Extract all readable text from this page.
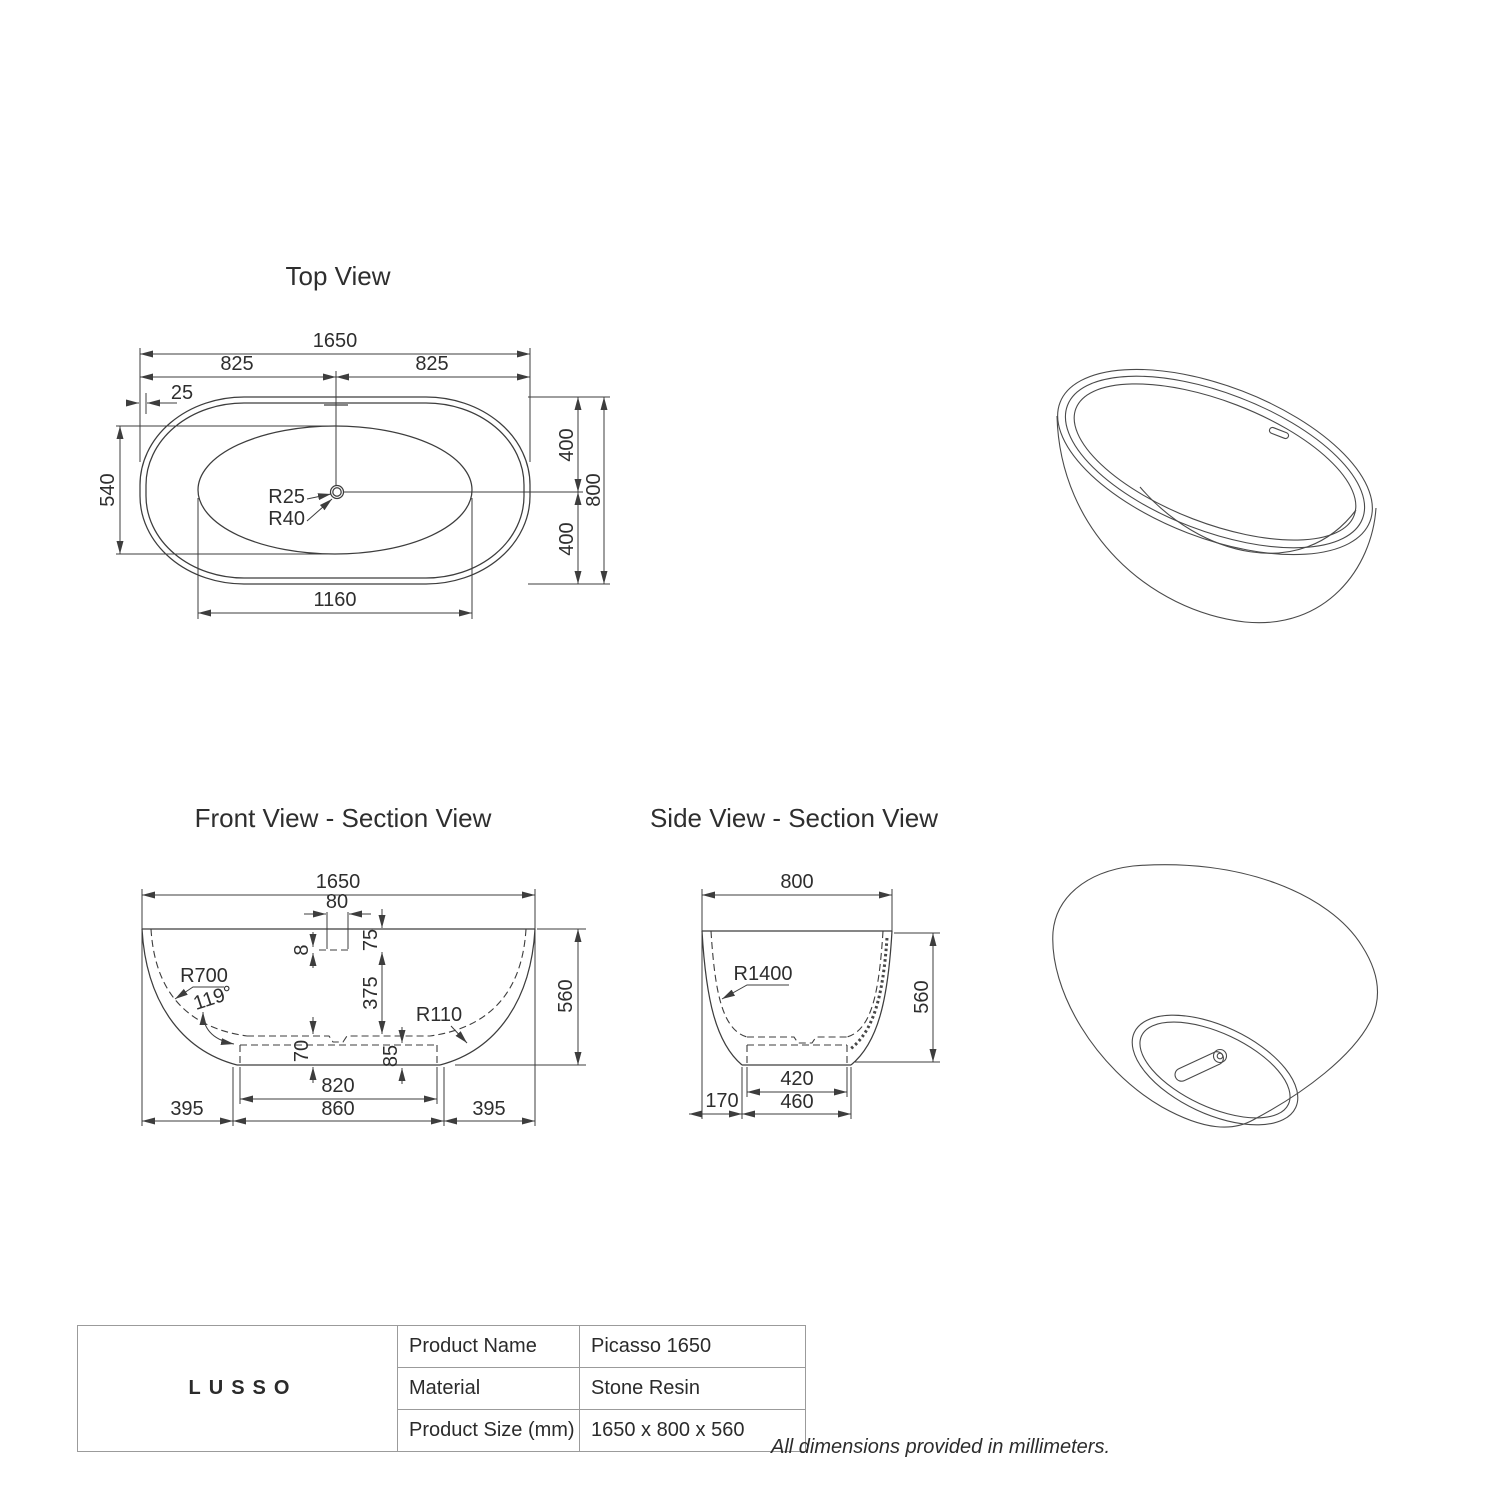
Top View
1650
825	825
25
540
1160
400
400
800
R25
R40
Front View - Section View
1650
80
8 75
375
R700
119°
R110
70	85
820
860
395	395
560
Side View - Section View
800
R1400
560
420
460
170
LUSSO	Product Name	Picasso 1650
	Material	Stone Resin
	Product Size (mm)	1650 x 800 x 560
All dimensions provided in millimeters.
